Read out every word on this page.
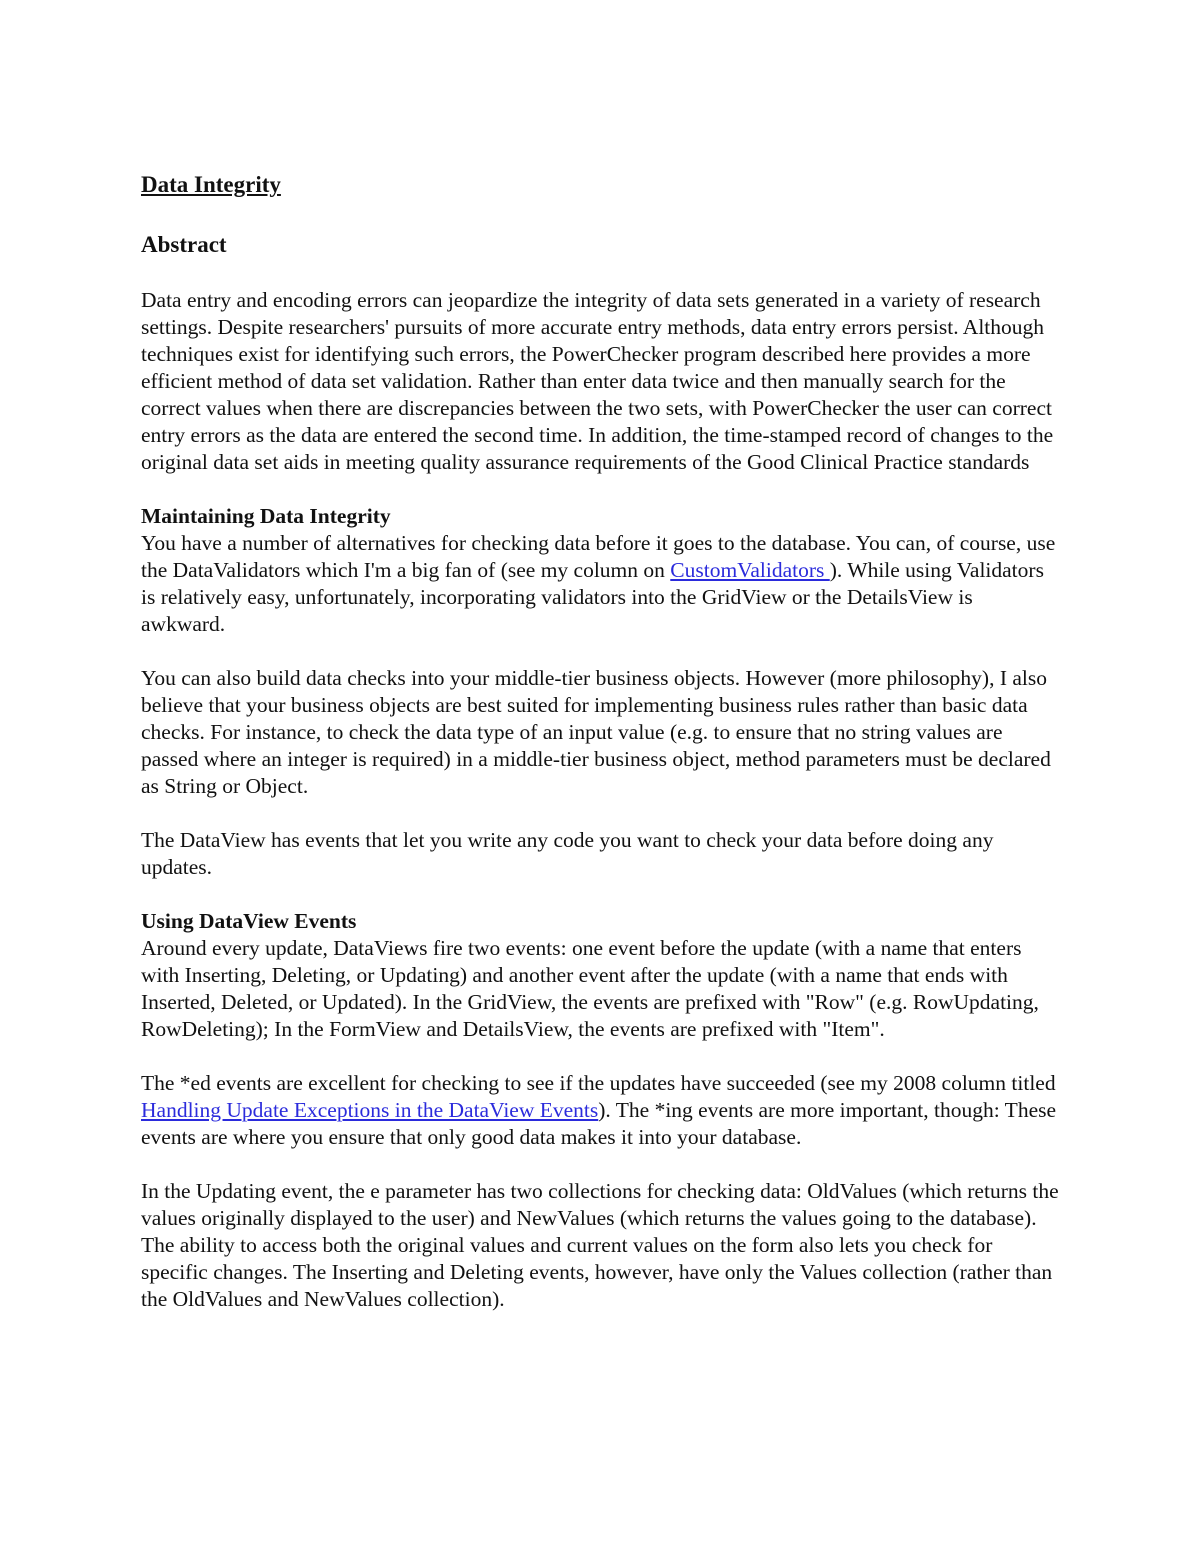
Data Integrity
Abstract
Data entry and encoding errors can jeopardize the integrity of data sets generated in a variety of research settings. Despite researchers' pursuits of more accurate entry methods, data entry errors persist. Although techniques exist for identifying such errors, the PowerChecker program described here provides a more efficient method of data set validation. Rather than enter data twice and then manually search for the correct values when there are discrepancies between the two sets, with PowerChecker the user can correct entry errors as the data are entered the second time. In addition, the time-stamped record of changes to the original data set aids in meeting quality assurance requirements of the Good Clinical Practice standards
Maintaining Data Integrity
You have a number of alternatives for checking data before it goes to the database. You can, of course, use the DataValidators which I'm a big fan of (see my column on CustomValidators ). While using Validators is relatively easy, unfortunately, incorporating validators into the GridView or the DetailsView is awkward.
You can also build data checks into your middle-tier business objects. However (more philosophy), I also believe that your business objects are best suited for implementing business rules rather than basic data checks. For instance, to check the data type of an input value (e.g. to ensure that no string values are passed where an integer is required) in a middle-tier business object, method parameters must be declared as String or Object.
The DataView has events that let you write any code you want to check your data before doing any updates.
Using DataView Events
Around every update, DataViews fire two events: one event before the update (with a name that enters with Inserting, Deleting, or Updating) and another event after the update (with a name that ends with Inserted, Deleted, or Updated). In the GridView, the events are prefixed with "Row" (e.g. RowUpdating, RowDeleting); In the FormView and DetailsView, the events are prefixed with "Item".
The *ed events are excellent for checking to see if the updates have succeeded (see my 2008 column titled Handling Update Exceptions in the DataView Events). The *ing events are more important, though: These events are where you ensure that only good data makes it into your database.
In the Updating event, the e parameter has two collections for checking data: OldValues (which returns the values originally displayed to the user) and NewValues (which returns the values going to the database). The ability to access both the original values and current values on the form also lets you check for specific changes. The Inserting and Deleting events, however, have only the Values collection (rather than the OldValues and NewValues collection).
